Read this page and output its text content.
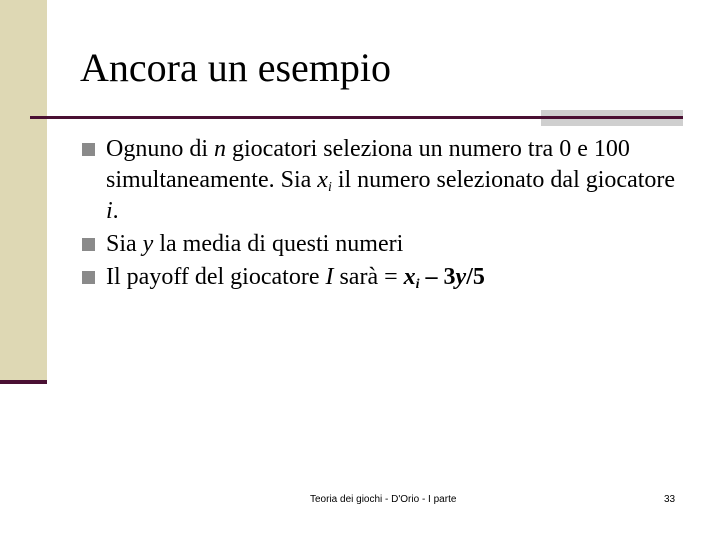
Ancora un esempio
Ognuno di n giocatori seleziona un numero tra 0 e 100 simultaneamente. Sia $x_i$ il numero selezionato dal giocatore i.
Sia y la media di questi numeri
Il payoff del giocatore I sarà = $x_i - 3y/5$
Teoria dei giochi - D'Orio - I parte	33
